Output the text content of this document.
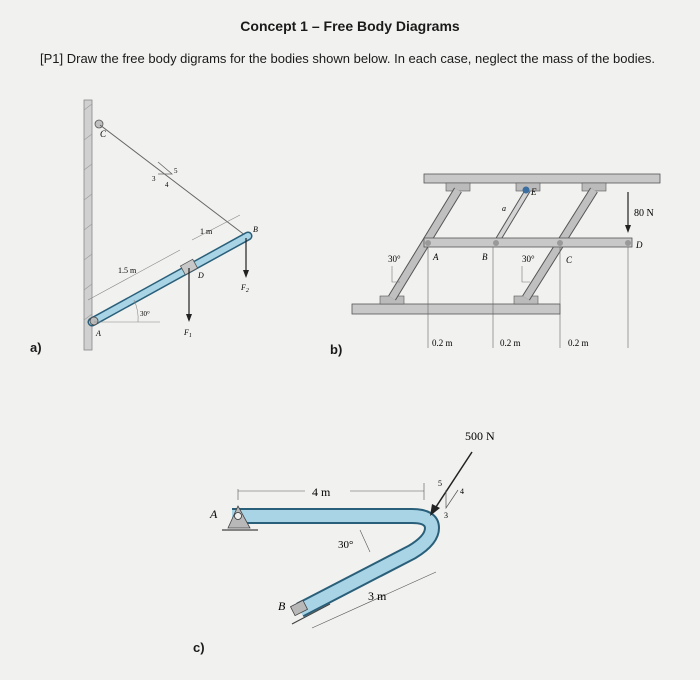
Concept 1 – Free Body Diagrams
[P1] Draw the free body digrams for the bodies shown below. In each case, neglect the mass of the bodies.
a)	b)
c)
C
5
3
4
A
B
D
$F_1$
$F_2$
1.5 m
1 m
30°
E
A	B	C
D
a
30°	30°
80 N
0.2 m	0.2 m	0.2 m
4 m
A
B
3 m
30°
500 N
5
4
3
